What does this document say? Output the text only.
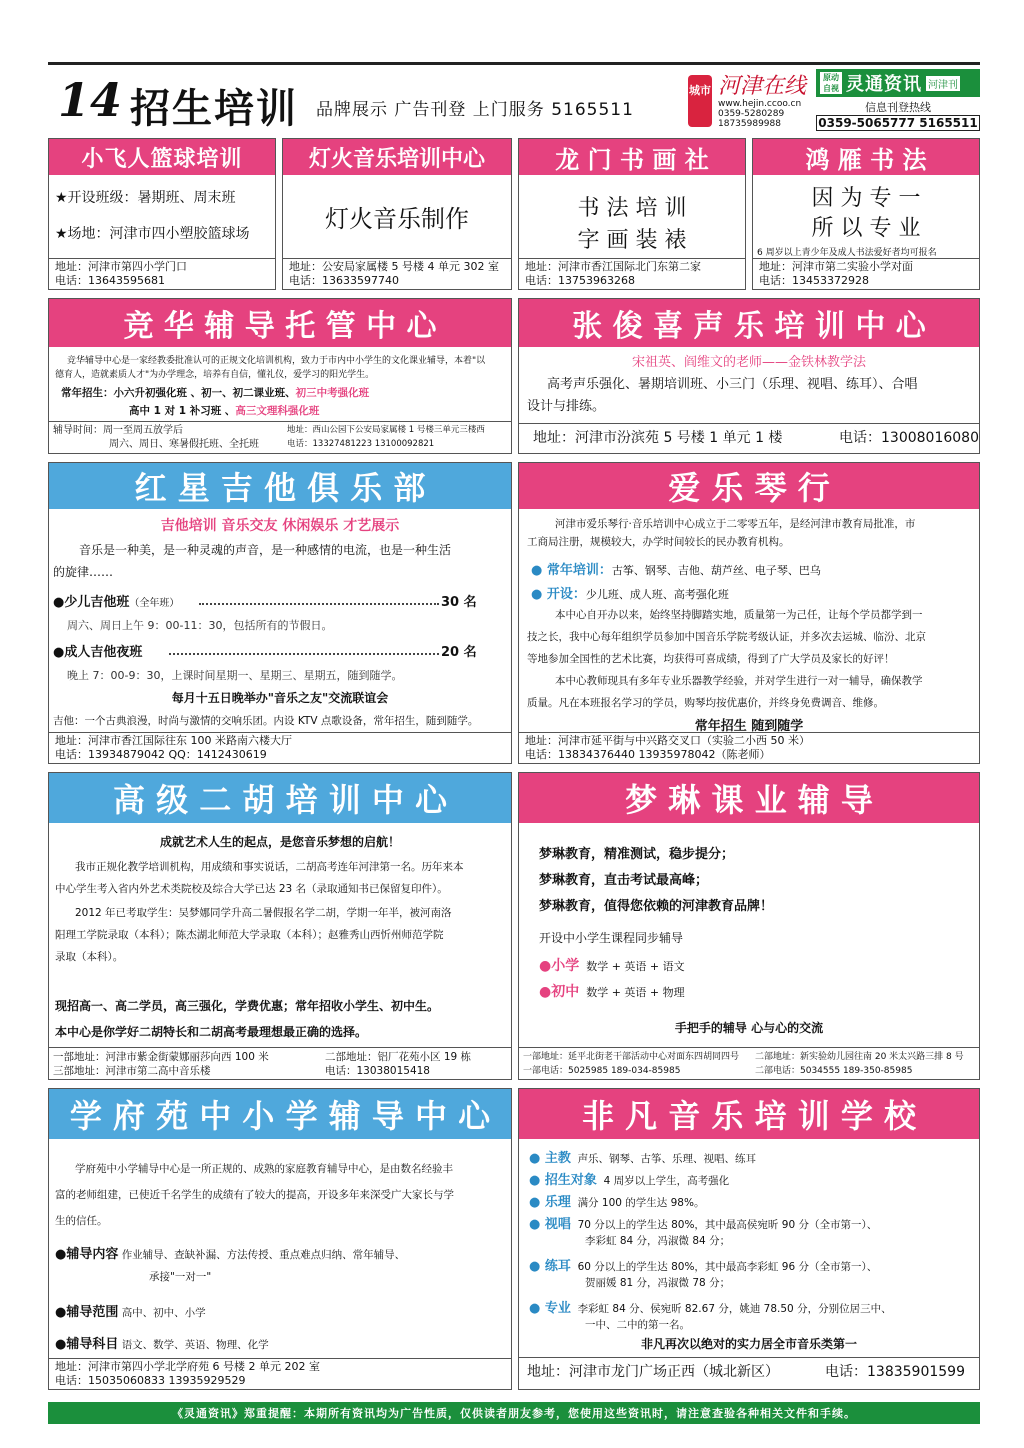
14 招生培训 品牌展示 广告刊登 上门服务 5165511
城市 河津在线
www.hejin.ccoo.cn
0359-5280289
18735989988
原动 自视 灵通资讯 河津刊
信息刊登热线
0359-5065777 5165511
小飞人篮球培训
★开设班级：暑期班、周末班
★场地：河津市四小塑胶篮球场
地址：河津市第四小学门口
电话：13643595681
灯火音乐培训中心
灯火音乐制作
地址：公安局家属楼 5 号楼 4 单元 302 室
电话：13633597740
龙 门 书 画 社
书 法 培 训
字 画 装 裱
地址：河津市香江国际北门东第二家
电话：13753963268
鸿 雁 书 法
因 为 专 一
所 以 专 业
6 周岁以上青少年及成人书法爱好者均可报名
地址：河津市第二实验小学对面
电话：13453372928
竞 华 辅 导 托 管 中 心
竞华辅导中心是一家经教委批准认可的正规文化培训机构，致力于市内中小学生的文化课业辅导，本着"以
德育人，造就素质人才"为办学理念，培养有自信，懂礼仪，爱学习的阳光学生。
常年招生：小六升初强化班 、初一、初二课业班、初三中考强化班
高中 1 对 1 补习班 、高三文理科强化班
辅导时间：周一至周五放学后
周六、周日、寒暑假托班、全托班
地址：西山公园下公安局家属楼 1 号楼三单元三楼西
电话：13327481223 13100092821
张 俊 喜 声 乐 培 训 中 心
宋祖英、阎维文的老师——金铁林教学法
高考声乐强化、暑期培训班、小三门（乐理、视唱、练耳）、合唱
设计与排练。
地址：河津市汾滨苑 5 号楼 1 单元 1 楼	电话：13008016080
红 星 吉 他 俱 乐 部
吉他培训 音乐交友 休闲娱乐 才艺展示
音乐是一种美，是一种灵魂的声音，是一种感情的电流，也是一种生活
的旋律……
●少儿吉他班（全年班）	30 名
周六、周日上午 9：00-11：30，包括所有的节假日。
●成人吉他夜班	20 名
晚上 7：00-9：30，上课时间星期一、星期三、星期五，随到随学。
每月十五日晚举办"音乐之友"交流联谊会
吉他：一个古典浪漫，时尚与激情的交响乐团。内设 KTV 点歌设备，常年招生，随到随学。
地址：河津市香江国际往东 100 米路南六楼大厅
电话：13934879042 QQ：1412430619
爱 乐 琴 行
河津市爱乐琴行·音乐培训中心成立于二零零五年，是经河津市教育局批准，市
工商局注册，规模较大，办学时间较长的民办教育机构。
● 常年培训：古筝、钢琴、吉他、葫芦丝、电子琴、巴乌
● 开设：少儿班、成人班、高考强化班
本中心自开办以来，始终坚持脚踏实地，质量第一为己任，让每个学员都学到一
技之长，我中心每年组织学员参加中国音乐学院考级认证，并多次去运城、临汾、北京
等地参加全国性的艺术比赛，均获得可喜成绩，得到了广大学员及家长的好评！
本中心教师现具有多年专业乐器教学经验，并对学生进行一对一辅导，确保教学
质量。凡在本班报名学习的学员，购琴均按优惠价，并终身免费调音、维修。
常年招生 随到随学
地址：河津市延平街与中兴路交叉口（实验二小西 50 米）
电话：13834376440 13935978042（陈老师）
高 级 二 胡 培 训 中 心
成就艺术人生的起点，是您音乐梦想的启航！
我市正规化教学培训机构，用成绩和事实说话，二胡高考连年河津第一名。历年来本
中心学生考入省内外艺术类院校及综合大学已达 23 名（录取通知书已保留复印件）。
2012 年已考取学生：吴梦娜同学升高二暑假报名学二胡，学期一年半，被河南洛
阳理工学院录取（本科）；陈杰湖北师范大学录取（本科）；赵雅秀山西忻州师范学院
录取（本科）。
现招高一、高二学员，高三强化，学费优惠；常年招收小学生、初中生。
本中心是你学好二胡特长和二胡高考最理想最正确的选择。
一部地址：河津市紫金街蒙娜丽莎向西 100 米	二部地址：铝厂花苑小区 19 栋
三部地址：河津市第二高中音乐楼	电话：13038015418
梦 琳 课 业 辅 导
梦琳教育，精准测试，稳步提分；
梦琳教育，直击考试最高峰；
梦琳教育，值得您依赖的河津教育品牌！
开设中小学生课程同步辅导
●小学 数学 + 英语 + 语文
●初中 数学 + 英语 + 物理
手把手的辅导 心与心的交流
一部地址：延平北街老干部活动中心对面东四胡同四号 二部地址：新实验幼儿园往南 20 米太兴路三排 8 号
一部电话：5025985 189-034-85985	二部电话：5034555 189-350-85985
学 府 苑 中 小 学 辅 导 中 心
学府苑中小学辅导中心是一所正规的、成熟的家庭教育辅导中心，是由数名经验丰
富的老师组建，已使近千名学生的成绩有了较大的提高，开设多年来深受广大家长与学
生的信任。
●辅导内容 作业辅导、查缺补漏、方法传授、重点难点归纳、常年辅导、
承接"一对一"
●辅导范围 高中、初中、小学
●辅导科目 语文、数学、英语、物理、化学
地址：河津市第四小学北学府苑 6 号楼 2 单元 202 室
电话：15035060833 13935929529
非 凡 音 乐 培 训 学 校
● 主教 声乐、钢琴、古筝、乐理、视唱、练耳
● 招生对象 4 周岁以上学生，高考强化
● 乐理 满分 100 的学生达 98%。
● 视唱 70 分以上的学生达 80%，其中最高侯宛昕 90 分（全市第一）、
李彩虹 84 分，冯淑微 84 分；
● 练耳 60 分以上的学生达 80%，其中最高李彩虹 96 分（全市第一）、
贺丽媛 81 分，冯淑微 78 分；
● 专业 李彩虹 84 分、侯宛昕 82.67 分，姚迪 78.50 分，分别位居三中、
一中、二中的第一名。
非凡再次以绝对的实力居全市音乐类第一
地址：河津市龙门广场正西（城北新区）	电话：13835901599
《灵通资讯》郑重提醒：本期所有资讯均为广告性质，仅供读者朋友参考，您使用这些资讯时，请注意查验各种相关文件和手续。
